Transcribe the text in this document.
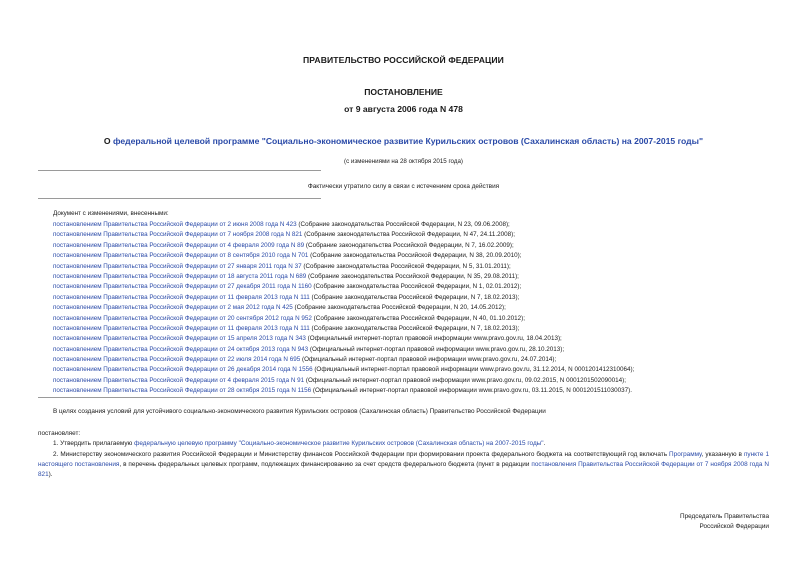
ПРАВИТЕЛЬСТВО РОССИЙСКОЙ ФЕДЕРАЦИИ
ПОСТАНОВЛЕНИЕ
от 9 августа 2006 года N 478
О федеральной целевой программе "Социально-экономическое развитие Курильских островов (Сахалинская область) на 2007-2015 годы"
(с изменениями на 28 октября 2015 года)
Фактически утратило силу в связи с истечением срока действия
Документ с изменениями, внесенными:
постановлением Правительства Российской Федерации от 2 июня 2008 года N 423 (Собрание законодательства Российской Федерации, N 23, 09.06.2008);
постановлением Правительства Российской Федерации от 7 ноября 2008 года N 821 (Собрание законодательства Российской Федерации, N 47, 24.11.2008);
постановлением Правительства Российской Федерации от 4 февраля 2009 года N 89 (Собрание законодательства Российской Федерации, N 7, 16.02.2009);
постановлением Правительства Российской Федерации от 8 сентября 2010 года N 701 (Собрание законодательства Российской Федерации, N 38, 20.09.2010);
постановлением Правительства Российской Федерации от 27 января 2011 года N 37 (Собрание законодательства Российской Федерации, N 5, 31.01.2011);
постановлением Правительства Российской Федерации от 18 августа 2011 года N 689 (Собрание законодательства Российской Федерации, N 35, 29.08.2011);
постановлением Правительства Российской Федерации от 27 декабря 2011 года N 1160 (Собрание законодательства Российской Федерации, N 1, 02.01.2012);
постановлением Правительства Российской Федерации от 11 февраля 2013 года N 111 (Собрание законодательства Российской Федерации, N 7, 18.02.2013);
постановлением Правительства Российской Федерации от 2 мая 2012 года N 425 (Собрание законодательства Российской Федерации, N 20, 14.05.2012);
постановлением Правительства Российской Федерации от 20 сентября 2012 года N 952 (Собрание законодательства Российской Федерации, N 40, 01.10.2012);
постановлением Правительства Российской Федерации от 11 февраля 2013 года N 111 (Собрание законодательства Российской Федерации, N 7, 18.02.2013);
постановлением Правительства Российской Федерации от 15 апреля 2013 года N 343 (Официальный интернет-портал правовой информации www.pravo.gov.ru, 18.04.2013);
постановлением Правительства Российской Федерации от 24 октября 2013 года N 943 (Официальный интернет-портал правовой информации www.pravo.gov.ru, 28.10.2013);
постановлением Правительства Российской Федерации от 22 июля 2014 года N 695 (Официальный интернет-портал правовой информации www.pravo.gov.ru, 24.07.2014);
постановлением Правительства Российской Федерации от 26 декабря 2014 года N 1556 (Официальный интернет-портал правовой информации www.pravo.gov.ru, 31.12.2014, N 0001201412310064);
постановлением Правительства Российской Федерации от 4 февраля 2015 года N 91 (Официальный интернет-портал правовой информации www.pravo.gov.ru, 09.02.2015, N 0001201502090014);
постановлением Правительства Российской Федерации от 28 октября 2015 года N 1156 (Официальный интернет-портал правовой информации www.pravo.gov.ru, 03.11.2015, N 0001201511030037).
В целях создания условий для устойчивого социально-экономического развития Курильских островов (Сахалинская область) Правительство Российской Федерации
постановляет:
1. Утвердить прилагаемую федеральную целевую программу "Социально-экономическое развитие Курильских островов (Сахалинская область) на 2007-2015 годы".

2. Министерству экономического развития Российской Федерации и Министерству финансов Российской Федерации при формировании проекта федерального бюджета на соответствующий год включать Программу, указанную в пункте 1 настоящего постановления, в перечень федеральных целевых программ, подлежащих финансированию за счет средств федерального бюджета (пункт в редакции постановления Правительства Российской Федерации от 7 ноября 2008 года N 821).

Председатель Правительства
Российской Федерации
